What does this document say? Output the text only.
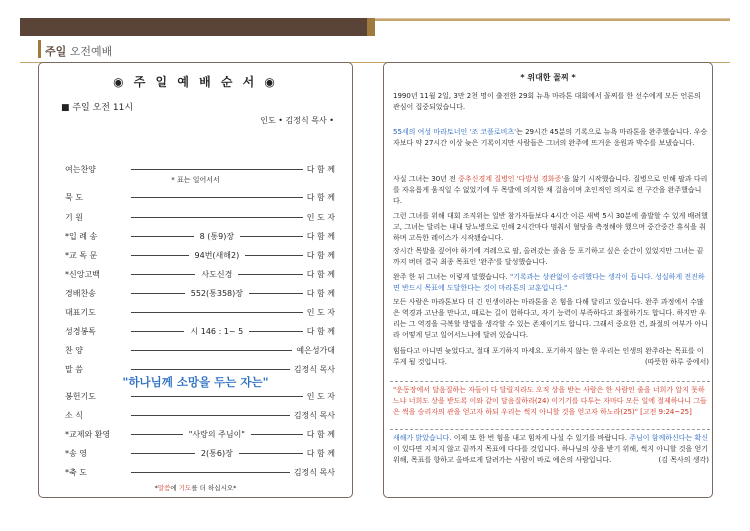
주일 오전예배
◉ 주 일 예 배 순 서 ◉
■ 주일 오전 11시
인도 • 김정식 목사 •
* 표는 일어서서
"하나님께 소망을 두는 자는"
*말씀에 기도를 더 하십시오*
여는찬양	다 함 께
묵 도	다 함 께
기 원	인 도 자
*입 례 송	8 (통9)장	다 함 께
*교 독 문	94번(새해2)	다 함 께
*신앙고백	사도신경	다 함 께
경배찬송	552(통358)장	다 함 께
대표기도	인 도 자
성경봉독	시 146 : 1~ 5	다 함 께
찬 양	예은성가대
말 씀	김정식 목사
봉헌기도	인 도 자
소 식	김정식 목사
*교제와 환영	"사랑의 주님이"	다 함 께
*송 영	2(통6)장	다 함 께
*축 도	김정식 목사
* 위대한 꼴찌 *
1990년 11월 2일, 3만 2천 명이 출전한 29회 뉴욕 마라톤 대회에서 꼴찌를 한 선수에게 모든 언론의 관심이 집중되었습니다.
55세의 여성 마라토너인 '조 코플로비츠'는 29시간 45분의 기록으로 뉴욕 마라톤을 완주했습니다. 우승자보다 약 27시간 이상 늦은 기록이지만 사람들은 그녀의 완주에 뜨거운 응원과 박수를 보냈습니다.
사실 그녀는 30년 전 중추신경계 질병인 '다발성 경화증'을 앓기 시작했습니다. 질병으로 인해 팔과 다리를 자유롭게 움직일 수 없었기에 두 목발에 의지한 채 걸음이며 초인적인 의지로 전 구간을 완주했습니다.
그런 그녀를 위해 대회 조직위는 일반 참가자들보다 4시간 이른 새벽 5시 30분에 출발할 수 있게 배려했고, 그녀는 달리는 내내 당뇨병으로 인해 2시간마다 멈춰서 혈당을 측정해야 했으며 중간중간 휴식을 취하며 고독한 레이스가 시작됐습니다.
장시간 목발을 짚어야 하기에 겨레으로 팔, 올려갔는 졸음 등 포기하고 싶은 순간이 있었지만 그녀는 끝까지 버텨 결국 최종 목표인 '완주'를 달성했습니다.
완주 한 뒤 그녀는 이렇게 말했습니다. "기록과는 상관없이 승리했다는 생각이 듭니다. 성실하게 전진하면 반드시 목표에 도달한다는 것이 마라톤의 교훈입니다."
모든 사람은 마라톤보다 더 긴 인생이라는 마라톤을 온 힘을 다해 달리고 있습니다. 완주 과정에서 수많은 역경과 고난을 만나고, 때로는 길이 험하다고, 자기 능력이 부족하다고 좌절하기도 합니다. 하지만 우리는 그 역경을 극복할 방법을 생각할 수 있는 존재이기도 합니다. 그래서 중요한 건, 좌절의 여부가 아니라 어떻게 딛고 일어서느냐에 달려 있습니다.
힘들다고 아니면 늦었다고, 절대 포기하지 마세요. 포기하지 않는 한 우리는 인생의 완주라는 목표를 이루게 될 것입니다.	(따뜻한 하루 중에서)
"운동장에서 달음질하는 자들이 다 달릴지라도 오직 상을 받는 사람은 한 사람인 줄을 너희가 알지 못하느냐 너희도 상을 받도록 이와 같이 달음질하라(24) 이기기를 다투는 자마다 모든 일에 절제하나니 그들은 썩을 승리자의 관을 얻고자 하되 우리는 썩지 아니할 것을 얻고자 하노라(25)" [고전 9:24~25]
새해가 밝았습니다. 이제 또 한 번 힘을 내고 힘차게 나설 수 있기를 바랍니다. 주님이 함께하신다는 확신이 있다면 지치지 않고 끝까지 목표에 다다를 것입니다. 하나님의 상을 받기 위해, 썩지 아니할 것을 얻기 위해, 목표를 향하고 올바르게 달려가는 사람이 바로 예은의 사람입니다.	(김 목사의 생각)
